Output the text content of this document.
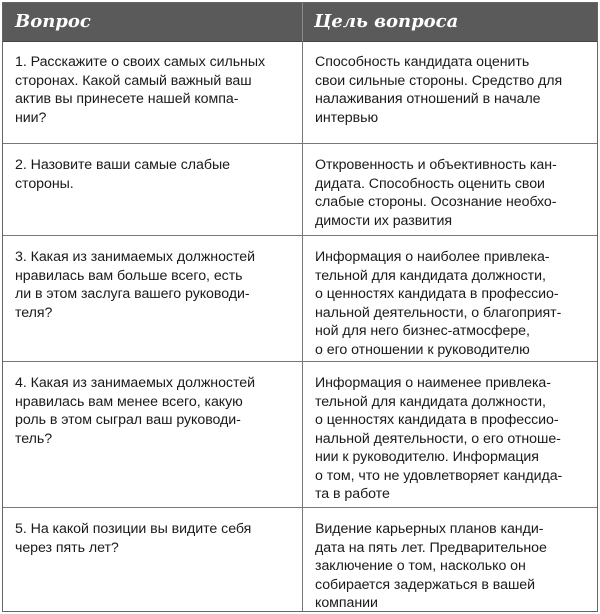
Вопрос	Цель вопроса
1. Расскажите о своих самых сильных
сторонах. Какой самый важный ваш
актив вы принесете нашей компа-
нии?
Способность кандидата оценить
свои сильные стороны. Средство для
налаживания отношений в начале
интервью
2. Назовите ваши самые слабые
стороны.
Откровенность и объективность кан-
дидата. Способность оценить свои
слабые стороны. Осознание необхо-
димости их развития
3. Какая из занимаемых должностей
нравилась вам больше всего, есть
ли в этом заслуга вашего руководи-
теля?
Информация о наиболее привлека-
тельной для кандидата должности,
о ценностях кандидата в профессио-
нальной деятельности, о благоприят-
ной для него бизнес-атмосфере,
о его отношении к руководителю
4. Какая из занимаемых должностей
нравилась вам менее всего, какую
роль в этом сыграл ваш руководи-
тель?
Информация о наименее привлека-
тельной для кандидата должности,
о ценностях кандидата в профессио-
нальной деятельности, о его отноше-
нии к руководителю. Информация
о том, что не удовлетворяет кандида-
та в работе
5. На какой позиции вы видите себя
через пять лет?
Видение карьерных планов канди-
дата на пять лет. Предварительное
заключение о том, насколько он
собирается задержаться в вашей
компании
